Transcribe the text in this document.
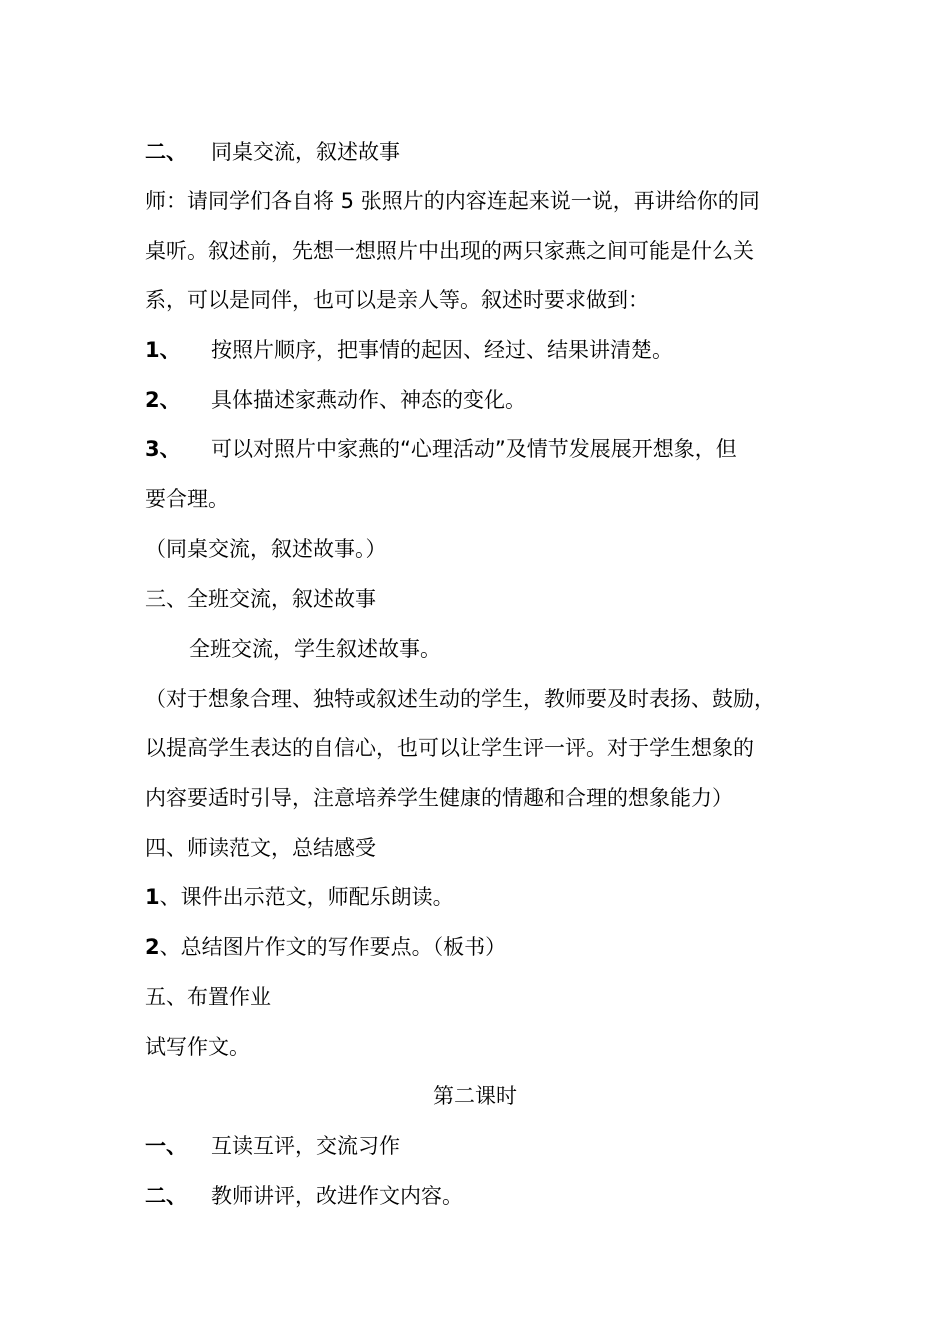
二、 同桌交流，叙述故事
师：请同学们各自将 5 张照片的内容连起来说一说，再讲给你的同
桌听。叙述前，先想一想照片中出现的两只家燕之间可能是什么关
系，可以是同伴，也可以是亲人等。叙述时要求做到：
1、 按照片顺序，把事情的起因、经过、结果讲清楚。
2、 具体描述家燕动作、神态的变化。
3、 可以对照片中家燕的“心理活动”及情节发展展开想象，但
要合理。
（同桌交流，叙述故事。）
三、全班交流，叙述故事
全班交流，学生叙述故事。
（对于想象合理、独特或叙述生动的学生，教师要及时表扬、鼓励，
以提高学生表达的自信心，也可以让学生评一评。对于学生想象的
内容要适时引导，注意培养学生健康的情趣和合理的想象能力）
四、师读范文，总结感受
1、课件出示范文，师配乐朗读。
2、总结图片作文的写作要点。（板书）
五、布置作业
试写作文。
第二课时
一、 互读互评，交流习作
二、 教师讲评，改进作文内容。
